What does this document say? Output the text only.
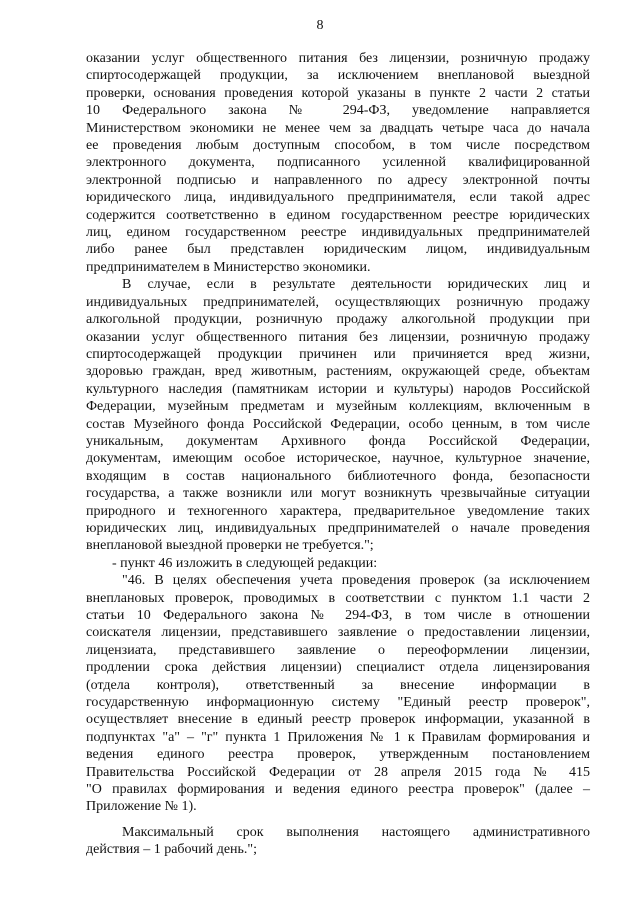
8

оказании услуг общественного питания без лицензии, розничную продажу

спиртосодержащей продукции, за исключением внеплановой выездной

проверки, основания проведения которой указаны в пункте 2 части 2 статьи

10 Федерального закона № 294-ФЗ, уведомление направляется

Министерством экономики не менее чем за двадцать четыре часа до начала

ее проведения любым доступным способом, в том числе посредством

электронного документа, подписанного усиленной квалифицированной

электронной подписью и направленного по адресу электронной почты

юридического лица, индивидуального предпринимателя, если такой адрес

содержится соответственно в едином государственном реестре юридических

лиц, едином государственном реестре индивидуальных предпринимателей

либо ранее был представлен юридическим лицом, индивидуальным

предпринимателем в Министерство экономики.

В случае, если в результате деятельности юридических лиц и

индивидуальных предпринимателей, осуществляющих розничную продажу

алкогольной продукции, розничную продажу алкогольной продукции при

оказании услуг общественного питания без лицензии, розничную продажу

спиртосодержащей продукции причинен или причиняется вред жизни,

здоровью граждан, вред животным, растениям, окружающей среде, объектам

культурного наследия (памятникам истории и культуры) народов Российской

Федерации, музейным предметам и музейным коллекциям, включенным в

состав Музейного фонда Российской Федерации, особо ценным, в том числе

уникальным, документам Архивного фонда Российской Федерации,

документам, имеющим особое историческое, научное, культурное значение,

входящим в состав национального библиотечного фонда, безопасности

государства, а также возникли или могут возникнуть чрезвычайные ситуации

природного и техногенного характера, предварительное уведомление таких

юридических лиц, индивидуальных предпринимателей о начале проведения

внеплановой выездной проверки не требуется.";

- пункт 46 изложить в следующей редакции:

"46. В целях обеспечения учета проведения проверок (за исключением

внеплановых проверок, проводимых в соответствии с пунктом 1.1 части 2

статьи 10 Федерального закона № 294-ФЗ, в том числе в отношении

соискателя лицензии, представившего заявление о предоставлении лицензии,

лицензиата, представившего заявление о переоформлении лицензии,

продлении срока действия лицензии) специалист отдела лицензирования

(отдела контроля), ответственный за внесение информации в

государственную информационную систему "Единый реестр проверок",

осуществляет внесение в единый реестр проверок информации, указанной в

подпунктах "а" – "г" пункта 1 Приложения № 1 к Правилам формирования и

ведения единого реестра проверок, утвержденным постановлением

Правительства Российской Федерации от 28 апреля 2015 года № 415

"О правилах формирования и ведения единого реестра проверок" (далее –

Приложение № 1).

Максимальный срок выполнения настоящего административного

действия – 1 рабочий день.";
